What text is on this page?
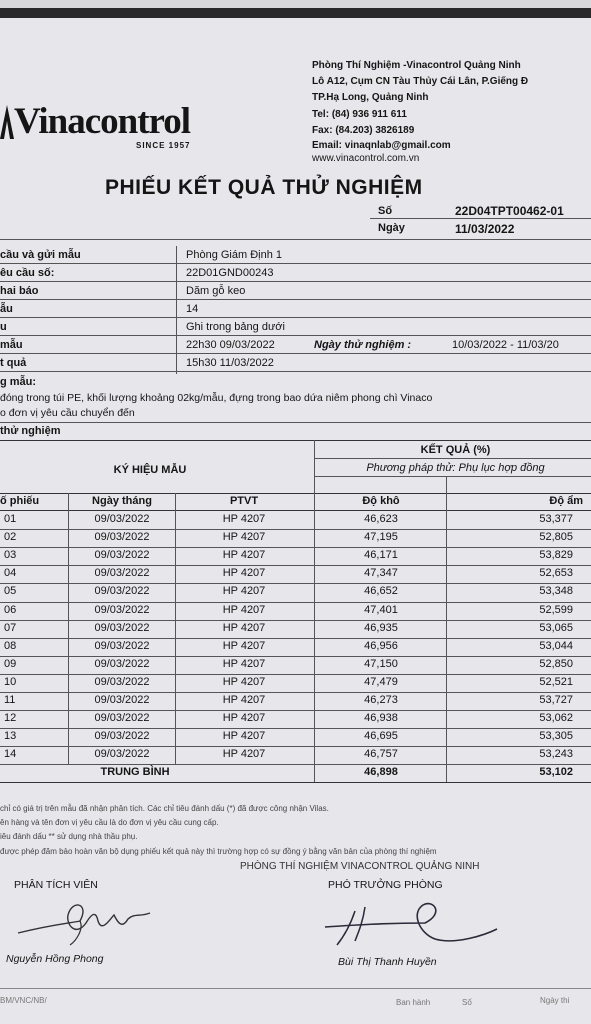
Vinacontrol
SINCE 1957
Phòng Thí Nghiệm -Vinacontrol Quảng Ninh
Lô A12, Cụm CN Tàu Thủy Cái Lân, P.Giếng Đ
TP.Hạ Long, Quảng Ninh
Tel: (84) 936 911 611
Fax: (84.203) 3826189
Email: vinaqnlab@gmail.com
www.vinacontrol.com.vn
PHIẾU KẾT QUẢ THỬ NGHIỆM
Số	22D04TPT00462-01
Ngày	11/03/2022
cầu và gửi mẫu	Phòng Giám Định 1
êu cầu số:	22D01GND00243
hai báo	Dăm gỗ keo
ẫu	14
u	Ghi trong bảng dưới
mẫu	22h30 09/03/2022	Ngày thử nghiệm :	10/03/2022 - 11/03/20
t quả	15h30 11/03/2022
g mẫu:
đóng trong túi PE, khối lượng khoảng 02kg/mẫu, đựng trong bao dứa niêm phong chì Vinaco
o đơn vị yêu cầu chuyển đến
thử nghiệm
KÝ HIỆU MẪU
KẾT QUẢ (%)
Phương pháp thử: Phụ lục hợp đồng
ố phiếu	Ngày tháng	PTVT	Độ khô	Độ ẩm
01	09/03/2022	HP 4207	46,623	53,377
02	09/03/2022	HP 4207	47,195	52,805
03	09/03/2022	HP 4207	46,171	53,829
04	09/03/2022	HP 4207	47,347	52,653
05	09/03/2022	HP 4207	46,652	53,348
06	09/03/2022	HP 4207	47,401	52,599
07	09/03/2022	HP 4207	46,935	53,065
08	09/03/2022	HP 4207	46,956	53,044
09	09/03/2022	HP 4207	47,150	52,850
10	09/03/2022	HP 4207	47,479	52,521
11	09/03/2022	HP 4207	46,273	53,727
12	09/03/2022	HP 4207	46,938	53,062
13	09/03/2022	HP 4207	46,695	53,305
14	09/03/2022	HP 4207	46,757	53,243
TRUNG BÌNH	46,898	53,102
chỉ có giá trị trên mẫu đã nhận phân tích. Các chỉ tiêu đánh dấu (*) đã được công nhận Vilas.
ên hàng và tên đơn vị yêu cầu là do đơn vị yêu cầu cung cấp.
iêu đánh dấu ** sử dụng nhà thầu phụ.
được phép đăm bảo hoàn văn bộ dụng phiếu kết quả này thì trường hợp có sự đồng ý bằng văn bản của phòng thí nghiệm
PHÒNG THÍ NGHIỆM VINACONTROL QUẢNG NINH
PHÂN TÍCH VIÊN	PHÓ TRƯỞNG PHÒNG
Nguyễn Hồng Phong	Bùi Thị Thanh Huyền
BM/VNC/NB/	Ban hành	Số	Ngày thi
